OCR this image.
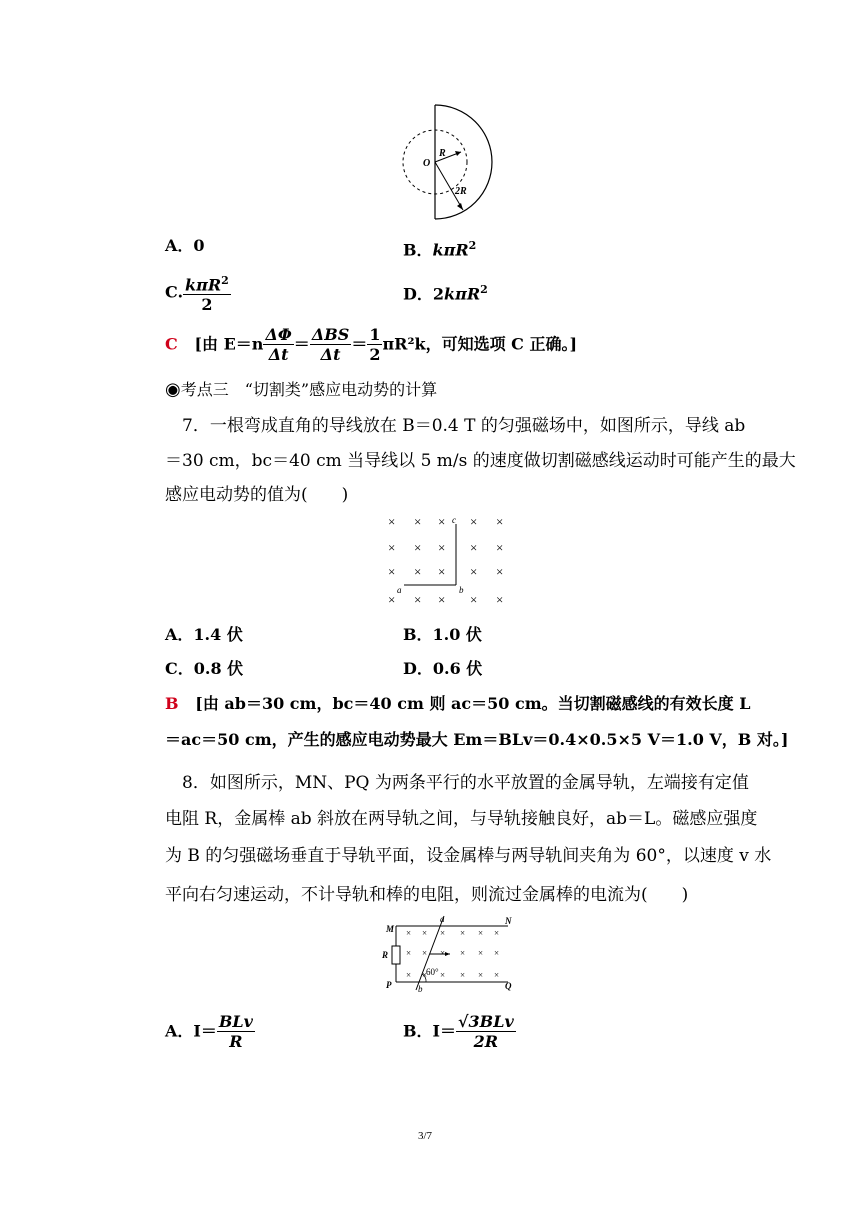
R
O
2R
A．0	B．kπR$^2$
C. $\frac{k\pi R^2}{2}$	D．2kπR$^2$
C [由 $E=n \frac{\Delta\Phi}{\Delta t} = \frac{\text{ΔBS}}{\Delta t} = \frac{1}{2} \pi R^2k$，可知选项 C 正确。]
◉考点三　“切割类”感应电动势的计算
7．一根弯成直角的导线放在 B＝0.4 T 的匀强磁场中，如图所示，导线 ab
＝30 cm，bc＝40 cm 当导线以 5 m/s 的速度做切割磁感线运动时可能产生的最大
感应电动势的值为(　　)
× × × × ×
× × × × ×
× × × × ×
× × × × ×
a	b
c
A．1.4 伏	B．1.0 伏
C．0.8 伏	D．0.6 伏
B [由 ab＝30 cm，bc＝40 cm 则 ac＝50 cm。当切割磁感线的有效长度 L
＝ac＝50 cm，产生的感应电动势最大 Em＝BLv＝0.4×0.5×5 V＝1.0 V，B 对。]
8．如图所示，MN、PQ 为两条平行的水平放置的金属导轨，左端接有定值
电阻 R，金属棒 ab 斜放在两导轨之间，与导轨接触良好，ab＝L。磁感应强度
为 B 的匀强磁场垂直于导轨平面，设金属棒与两导轨间夹角为 60°，以速度 v 水
平向右匀速运动，不计导轨和棒的电阻，则流过金属棒的电流为(　　)
× × × × × ×
× × × × × ×
× × × × × ×
M
N
P	Q
R
a
b
60°
A．$I= \frac{\text{BLv}}{R}$	B．$I= \frac{\text{√3BLv}}{2R}$
3/7
